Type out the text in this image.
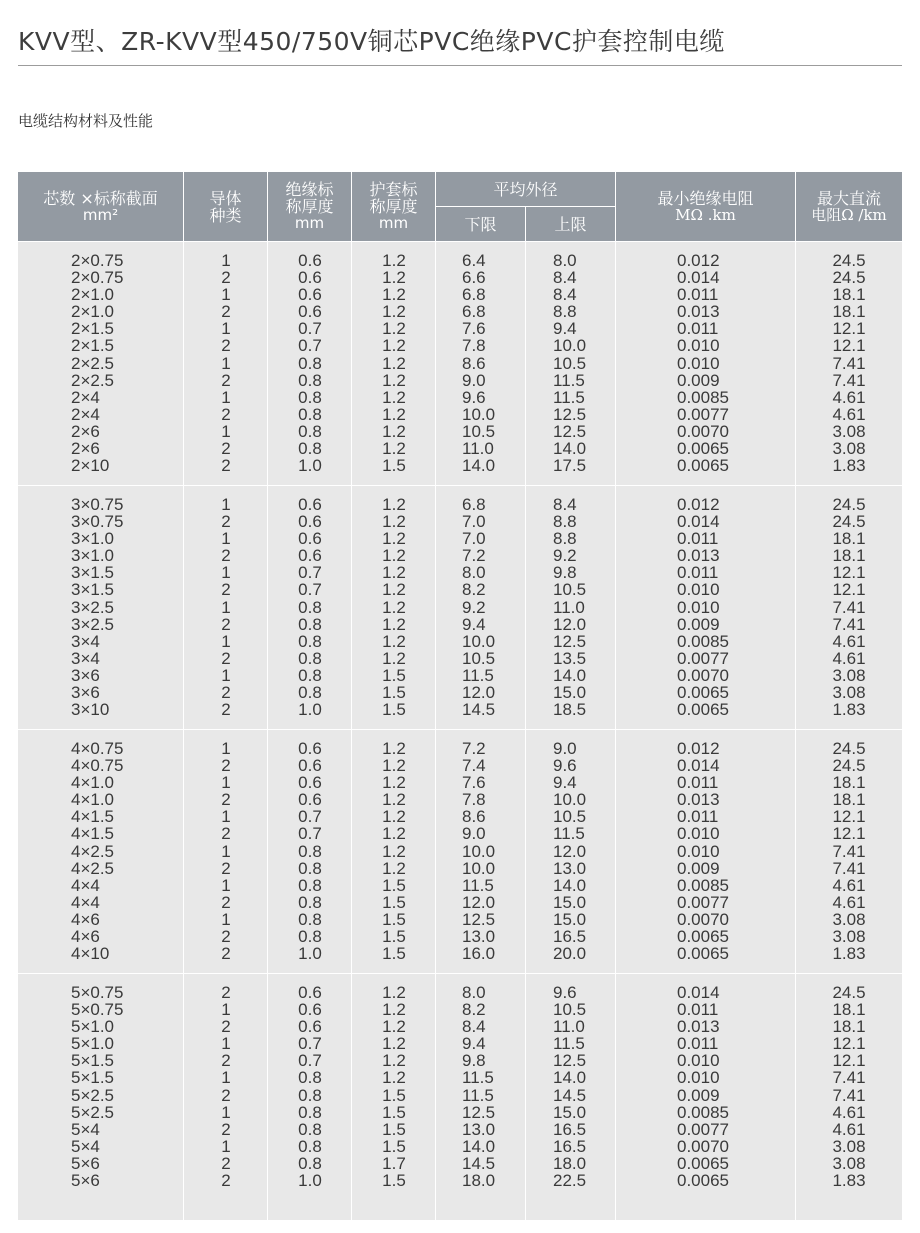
KVV型、ZR-KVV型450/750V铜芯PVC绝缘PVC护套控制电缆
电缆结构材料及性能
芯数 ×标称截面
mm²
导体
种类
绝缘标
称厚度
mm
护套标
称厚度
mm
平均外径
下限	上限
最小绝缘电阻
MΩ .km
最大直流
电阻Ω /km
2×0.75
2×0.75
2×1.0
2×1.0
2×1.5
2×1.5
2×2.5
2×2.5
2×4
2×4
2×6
2×6
2×10
1
2
1
2
1
2
1
2
1
2
1
2
2
0.6
0.6
0.6
0.6
0.7
0.7
0.8
0.8
0.8
0.8
0.8
0.8
1.0
1.2
1.2
1.2
1.2
1.2
1.2
1.2
1.2
1.2
1.2
1.2
1.2
1.5
6.4
6.6
6.8
6.8
7.6
7.8
8.6
9.0
9.6
10.0
10.5
11.0
14.0
8.0
8.4
8.4
8.8
9.4
10.0
10.5
11.5
11.5
12.5
12.5
14.0
17.5
0.012
0.014
0.011
0.013
0.011
0.010
0.010
0.009
0.0085
0.0077
0.0070
0.0065
0.0065
24.5
24.5
18.1
18.1
12.1
12.1
7.41
7.41
4.61
4.61
3.08
3.08
1.83
3×0.75
3×0.75
3×1.0
3×1.0
3×1.5
3×1.5
3×2.5
3×2.5
3×4
3×4
3×6
3×6
3×10
1
2
1
2
1
2
1
2
1
2
1
2
2
0.6
0.6
0.6
0.6
0.7
0.7
0.8
0.8
0.8
0.8
0.8
0.8
1.0
1.2
1.2
1.2
1.2
1.2
1.2
1.2
1.2
1.2
1.2
1.5
1.5
1.5
6.8
7.0
7.0
7.2
8.0
8.2
9.2
9.4
10.0
10.5
11.5
12.0
14.5
8.4
8.8
8.8
9.2
9.8
10.5
11.0
12.0
12.5
13.5
14.0
15.0
18.5
0.012
0.014
0.011
0.013
0.011
0.010
0.010
0.009
0.0085
0.0077
0.0070
0.0065
0.0065
24.5
24.5
18.1
18.1
12.1
12.1
7.41
7.41
4.61
4.61
3.08
3.08
1.83
4×0.75
4×0.75
4×1.0
4×1.0
4×1.5
4×1.5
4×2.5
4×2.5
4×4
4×4
4×6
4×6
4×10
1
2
1
2
1
2
1
2
1
2
1
2
2
0.6
0.6
0.6
0.6
0.7
0.7
0.8
0.8
0.8
0.8
0.8
0.8
1.0
1.2
1.2
1.2
1.2
1.2
1.2
1.2
1.2
1.5
1.5
1.5
1.5
1.5
7.2
7.4
7.6
7.8
8.6
9.0
10.0
10.0
11.5
12.0
12.5
13.0
16.0
9.0
9.6
9.4
10.0
10.5
11.5
12.0
13.0
14.0
15.0
15.0
16.5
20.0
0.012
0.014
0.011
0.013
0.011
0.010
0.010
0.009
0.0085
0.0077
0.0070
0.0065
0.0065
24.5
24.5
18.1
18.1
12.1
12.1
7.41
7.41
4.61
4.61
3.08
3.08
1.83
5×0.75
5×0.75
5×1.0
5×1.0
5×1.5
5×1.5
5×2.5
5×2.5
5×4
5×4
5×6
5×6
2
1
2
1
2
1
2
1
2
1
2
2
0.6
0.6
0.6
0.7
0.7
0.8
0.8
0.8
0.8
0.8
0.8
1.0
1.2
1.2
1.2
1.2
1.2
1.2
1.5
1.5
1.5
1.5
1.7
1.5
8.0
8.2
8.4
9.4
9.8
11.5
11.5
12.5
13.0
14.0
14.5
18.0
9.6
10.5
11.0
11.5
12.5
14.0
14.5
15.0
16.5
16.5
18.0
22.5
0.014
0.011
0.013
0.011
0.010
0.010
0.009
0.0085
0.0077
0.0070
0.0065
0.0065
24.5
18.1
18.1
12.1
12.1
7.41
7.41
4.61
4.61
3.08
3.08
1.83
